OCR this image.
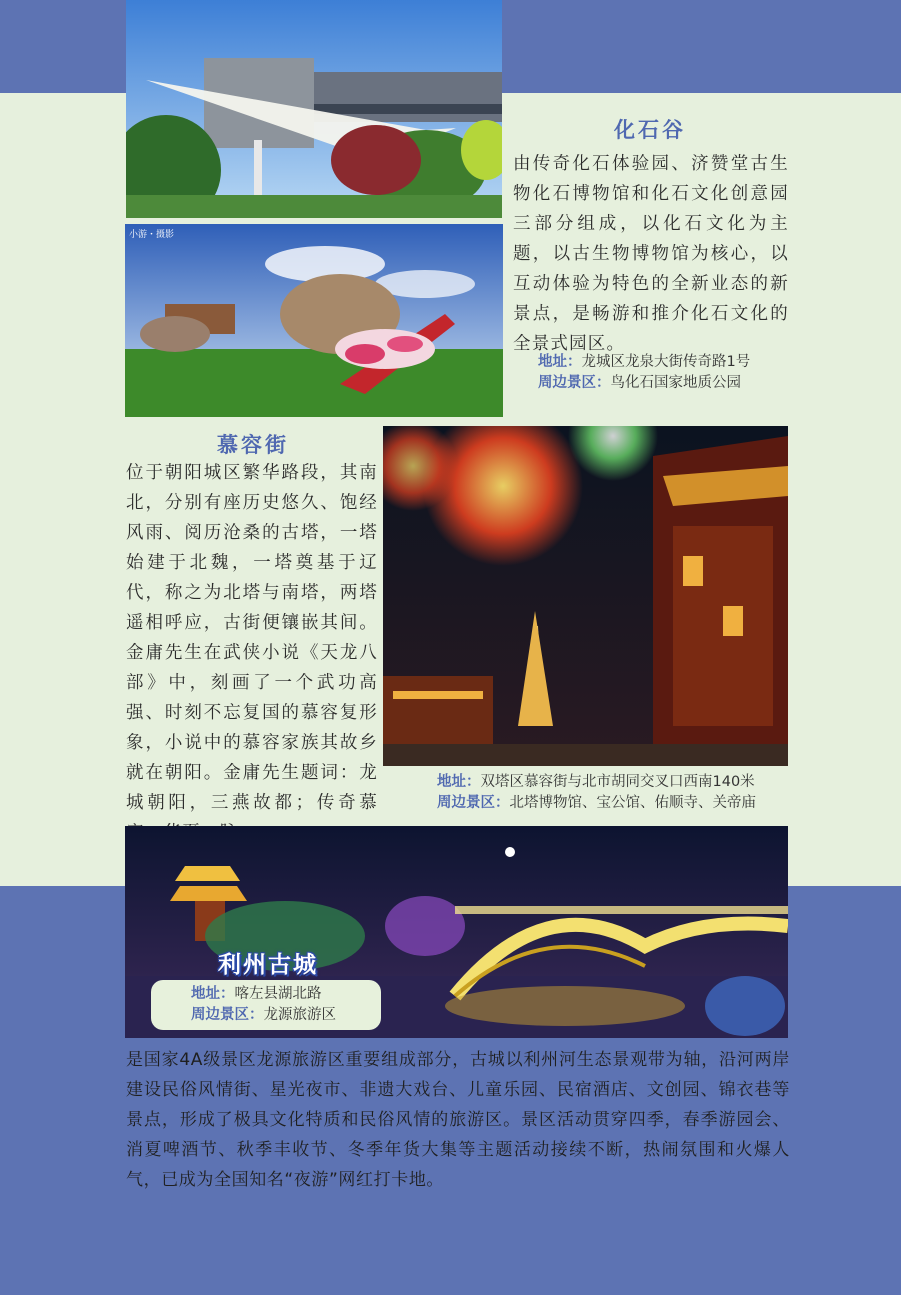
小游・摄影
化石谷

由传奇化石体验园、济赞堂古生物化石博物馆和化石文化创意园三部分组成，以化石文化为主题，以古生物博物馆为核心，以互动体验为特色的全新业态的新景点，是畅游和推介化石文化的全景式园区。

地址：龙城区龙泉大街传奇路1号
周边景区：鸟化石国家地质公园
慕容街

位于朝阳城区繁华路段，其南北，分别有座历史悠久、饱经风雨、阅历沧桑的古塔，一塔始建于北魏，一塔奠基于辽代，称之为北塔与南塔，两塔遥相呼应，古街便镶嵌其间。金庸先生在武侠小说《天龙八部》中，刻画了一个武功高强、时刻不忘复国的慕容复形象，小说中的慕容家族其故乡就在朝阳。金庸先生题词：龙城朝阳，三燕故都；传奇慕

地址：双塔区慕容街与北市胡同交叉口西南140米
周边景区：北塔博物馆、宝公馆、佑顺寺、关帝庙
利州古城
地址：喀左县湖北路
周边景区：龙源旅游区

是国家4A级景区龙源旅游区重要组成部分，古城以利州河生态景观带为轴，沿河两岸建设民俗风情街、星光夜市、非遗大戏台、儿童乐园、民宿酒店、文创园、锦衣巷等景点，形成了极具文化特质和民俗风情的旅游区。景区活动贯穿四季，春季游园会、消夏啤酒节、秋季丰收节、冬季年货大集等主题活动接续不断，热闹氛围和火爆人气，已成为全国知名“夜游”网红打卡地。
